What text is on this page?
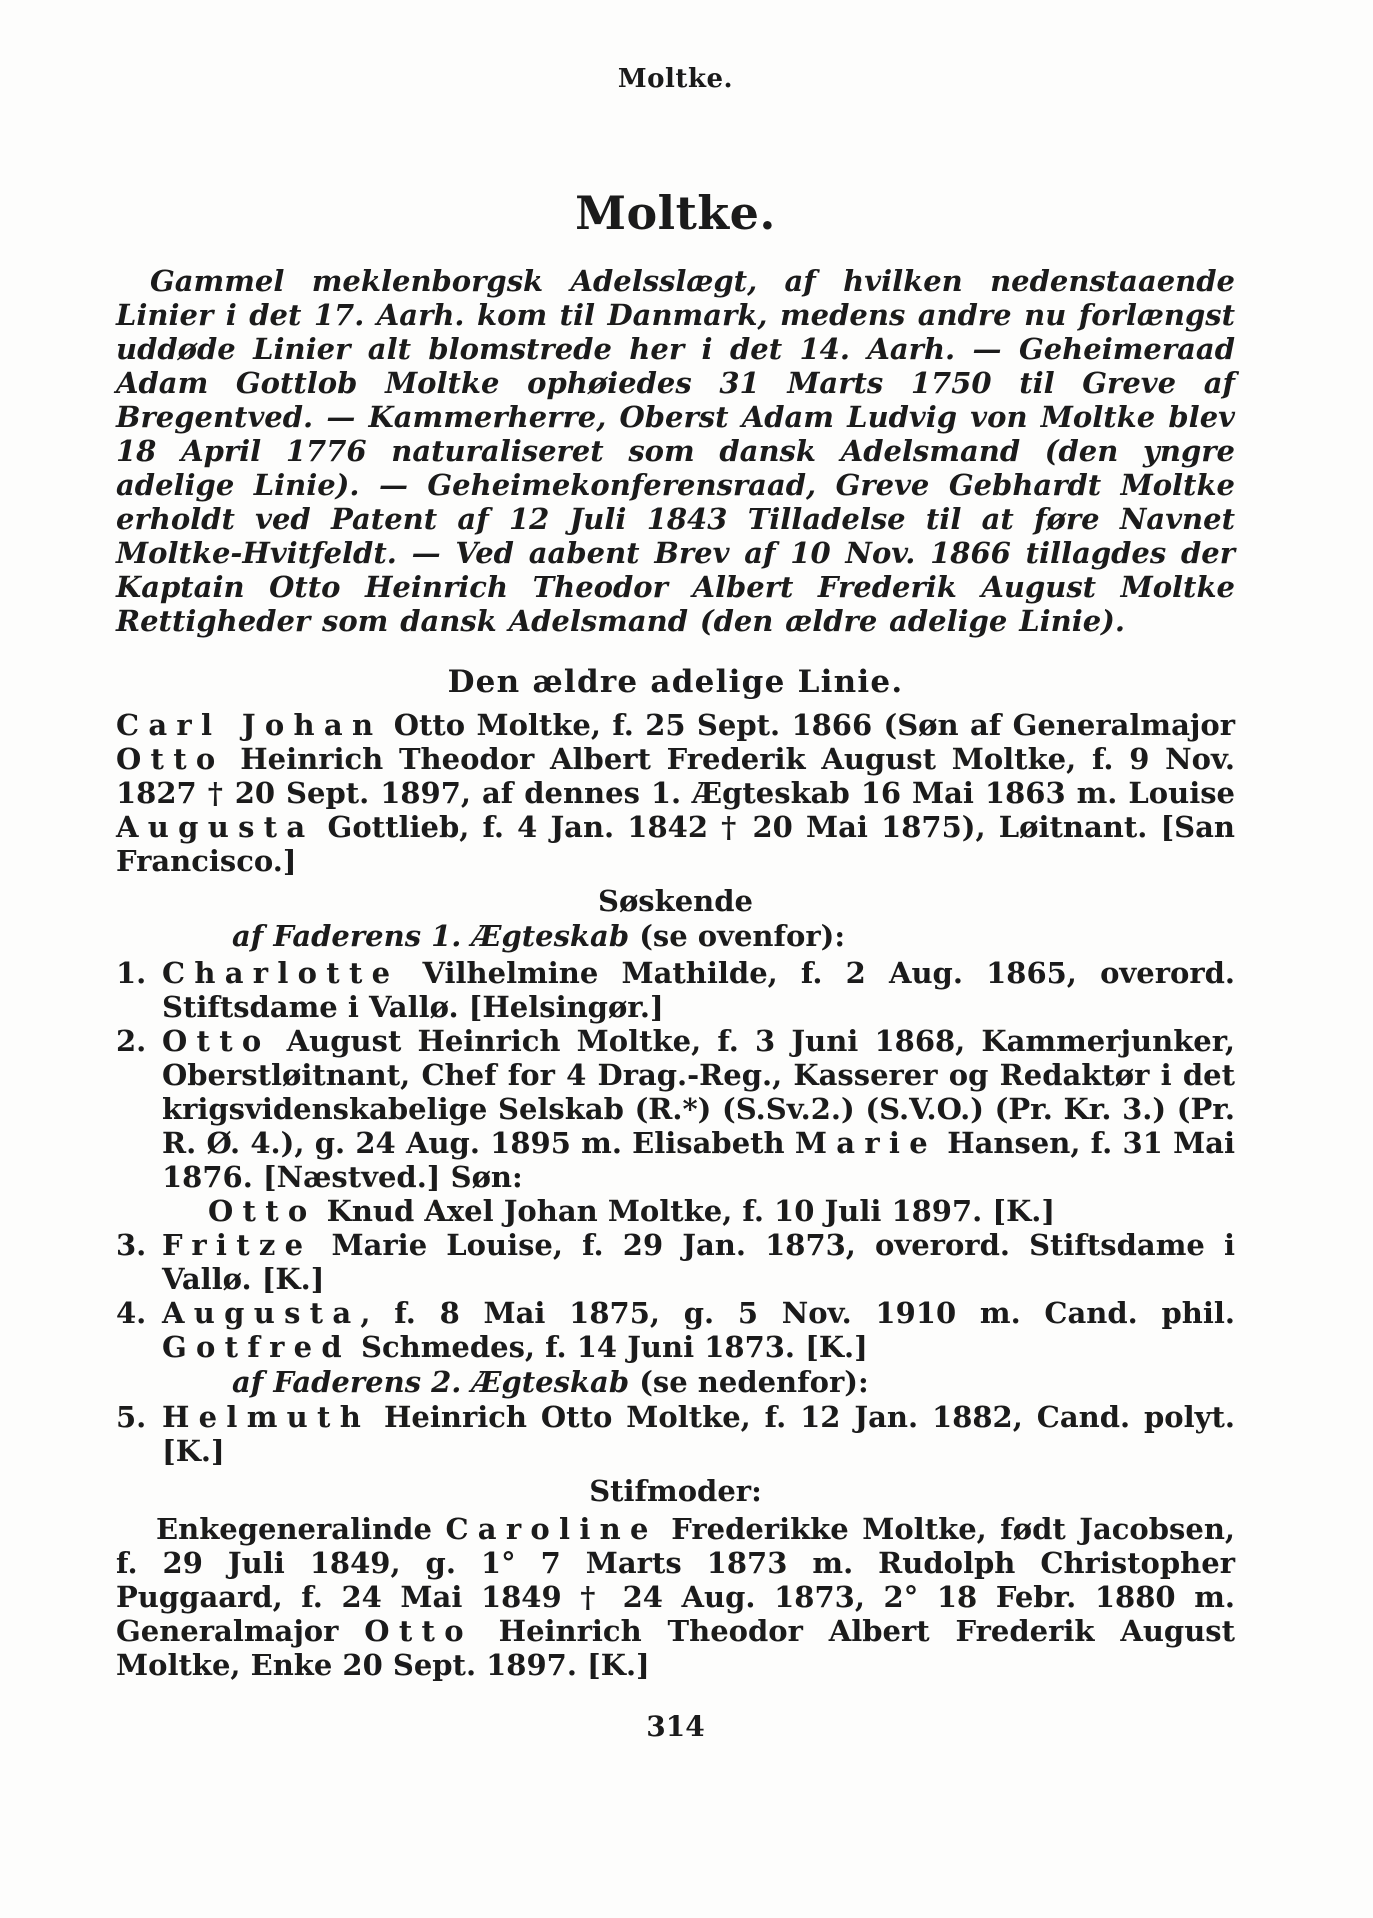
Moltke.
Moltke.

Gammel meklenborgsk Adelsslægt, af hvilken nedenstaaende Linier i det 17. Aarh. kom til Danmark, medens andre nu forlængst uddøde Linier alt blomstrede her i det 14. Aarh. — Geheimeraad Adam Gottlob Moltke ophøiedes 31 Marts 1750 til Greve af Bregentved. — Kammerherre, Oberst Adam Ludvig von Moltke blev 18 April 1776 naturaliseret som dansk Adelsmand (den yngre adelige Linie). — Geheimekonferensraad, Greve Gebhardt Moltke erholdt ved Patent af 12 Juli 1843 Tilladelse til at føre Navnet Moltke-Hvitfeldt. — Ved aabent Brev af 10 Nov. 1866 tillagdes der Kaptain Otto Heinrich Theodor Albert Frederik August Moltke Rettigheder som dansk Adelsmand (den ældre adelige Linie).

Den ældre adelige Linie.

Carl Johan Otto Moltke, f. 25 Sept. 1866 (Søn af Generalmajor Otto Heinrich Theodor Albert Frederik August Moltke, f. 9 Nov. 1827 † 20 Sept. 1897, af dennes 1. Ægteskab 16 Mai 1863 m. Louise Augusta Gottlieb, f. 4 Jan. 1842 † 20 Mai 1875), Løitnant. [San Francisco.]

Søskende
af Faderens 1. Ægteskab (se ovenfor):
1. Charlotte Vilhelmine Mathilde, f. 2 Aug. 1865, overord. Stiftsdame i Vallø. [Helsingør.]
2. Otto August Heinrich Moltke, f. 3 Juni 1868, Kammerjunker, Oberstløitnant, Chef for 4 Drag.-Reg., Kasserer og Redaktør i det krigsvidenskabelige Selskab (R.*) (S.Sv.2.) (S.V.O.) (Pr. Kr. 3.) (Pr. R. Ø. 4.), g. 24 Aug. 1895 m. Elisabeth Marie Hansen, f. 31 Mai 1876. [Næstved.] Søn:
Otto Knud Axel Johan Moltke, f. 10 Juli 1897. [K.]
3. Fritze Marie Louise, f. 29 Jan. 1873, overord. Stiftsdame i Vallø. [K.]
4. Augusta, f. 8 Mai 1875, g. 5 Nov. 1910 m. Cand. phil. Gotfred Schmedes, f. 14 Juni 1873. [K.]
af Faderens 2. Ægteskab (se nedenfor):
5. Helmuth Heinrich Otto Moltke, f. 12 Jan. 1882, Cand. polyt. [K.]
Stifmoder:

Enkegeneralinde Caroline Frederikke Moltke, født Jacobsen, f. 29 Juli 1849, g. 1° 7 Marts 1873 m. Rudolph Christopher Puggaard, f. 24 Mai 1849 † 24 Aug. 1873, 2° 18 Febr. 1880 m. Generalmajor Otto Heinrich Theodor Albert Frederik August Moltke, Enke 20 Sept. 1897. [K.]

314
